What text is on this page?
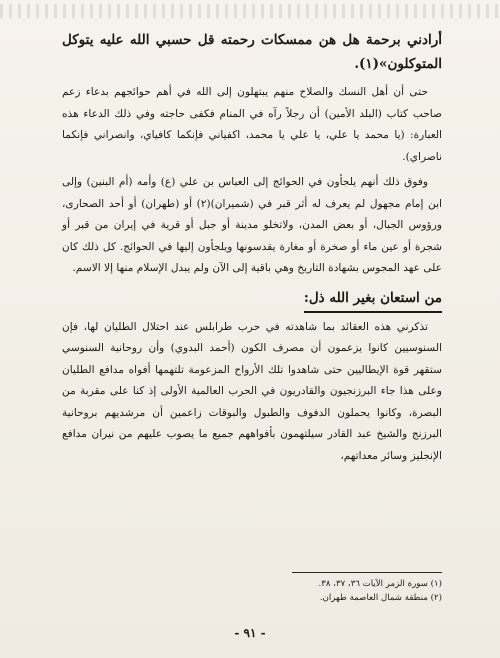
أرادني برحمة هل هن ممسكات رحمته قل حسبي الله عليه يتوكل المتوكلون»(١).

حتى أن أهل النسك والصلاح منهم يبتهلون إلى الله في أهم حوائجهم بدعاء زعم صاحب كتاب (البلد الأمين) أن رجلاً رآه في المنام فكفى حاجته وفي ذلك الدعاء هذه العبارة: (يا محمد يا علي، يا علي يا محمد، اكفياني فإنكما كافياي، وانصراني فإنكما ناصراي).

وفوق ذلك أنهم يلجأون في الحوائج إلى العباس بن علي (ع) وأمه (أم البنين) وإلى ابن إمام مجهول لم يعرف له أثر قبر في (شميران)(٢) أو (طهران) أو أحد الصحارى، ورؤوس الجبال، أو بعض المدن، ولاتخلو مدينة أو جبل أو قرية في إيران من قبر أو شجرة أو عين ماء أو صخرة أو مغارة يقدسونها ويلجأون إليها في الحوائج. كل ذلك كان على عهد المجوس بشهادة التاريخ وهي باقية إلى الآن ولم يبدل الإسلام منها إلا الاسم.

من استعان بغير الله ذل:

تذكرني هذه العقائد بما شاهدته في حرب طرابلس عند احتلال الطليان لها، فإن السنوسيين كانوا يزعمون أن مصرف الكون (أحمد البدوي) وأن روحانية السنوسي ستقهر قوة الإيطاليين حتى شاهدوا تلك الأرواح المزعومة تلتهمها أفواه مدافع الطليان وعلى هذا جاء البرزنجيون والقادريون في الحرب العالمية الأولى إذ كنا على مقربة من البصرة، وكانوا يحملون الدفوف والطبول والبوقات زاعمين أن مرشديهم بروحانية البرزنج والشيخ عبد القادر سيلتهمون بأفواههم جميع ما يصوب عليهم من نيران مدافع الإنجليز وسائر معداتهم،

(١) سورة الزمر الآيات ٣٦، ٣٧، ٣٨.

(٢) منطقة شمال العاصمة طهران.

- ٩١ -
